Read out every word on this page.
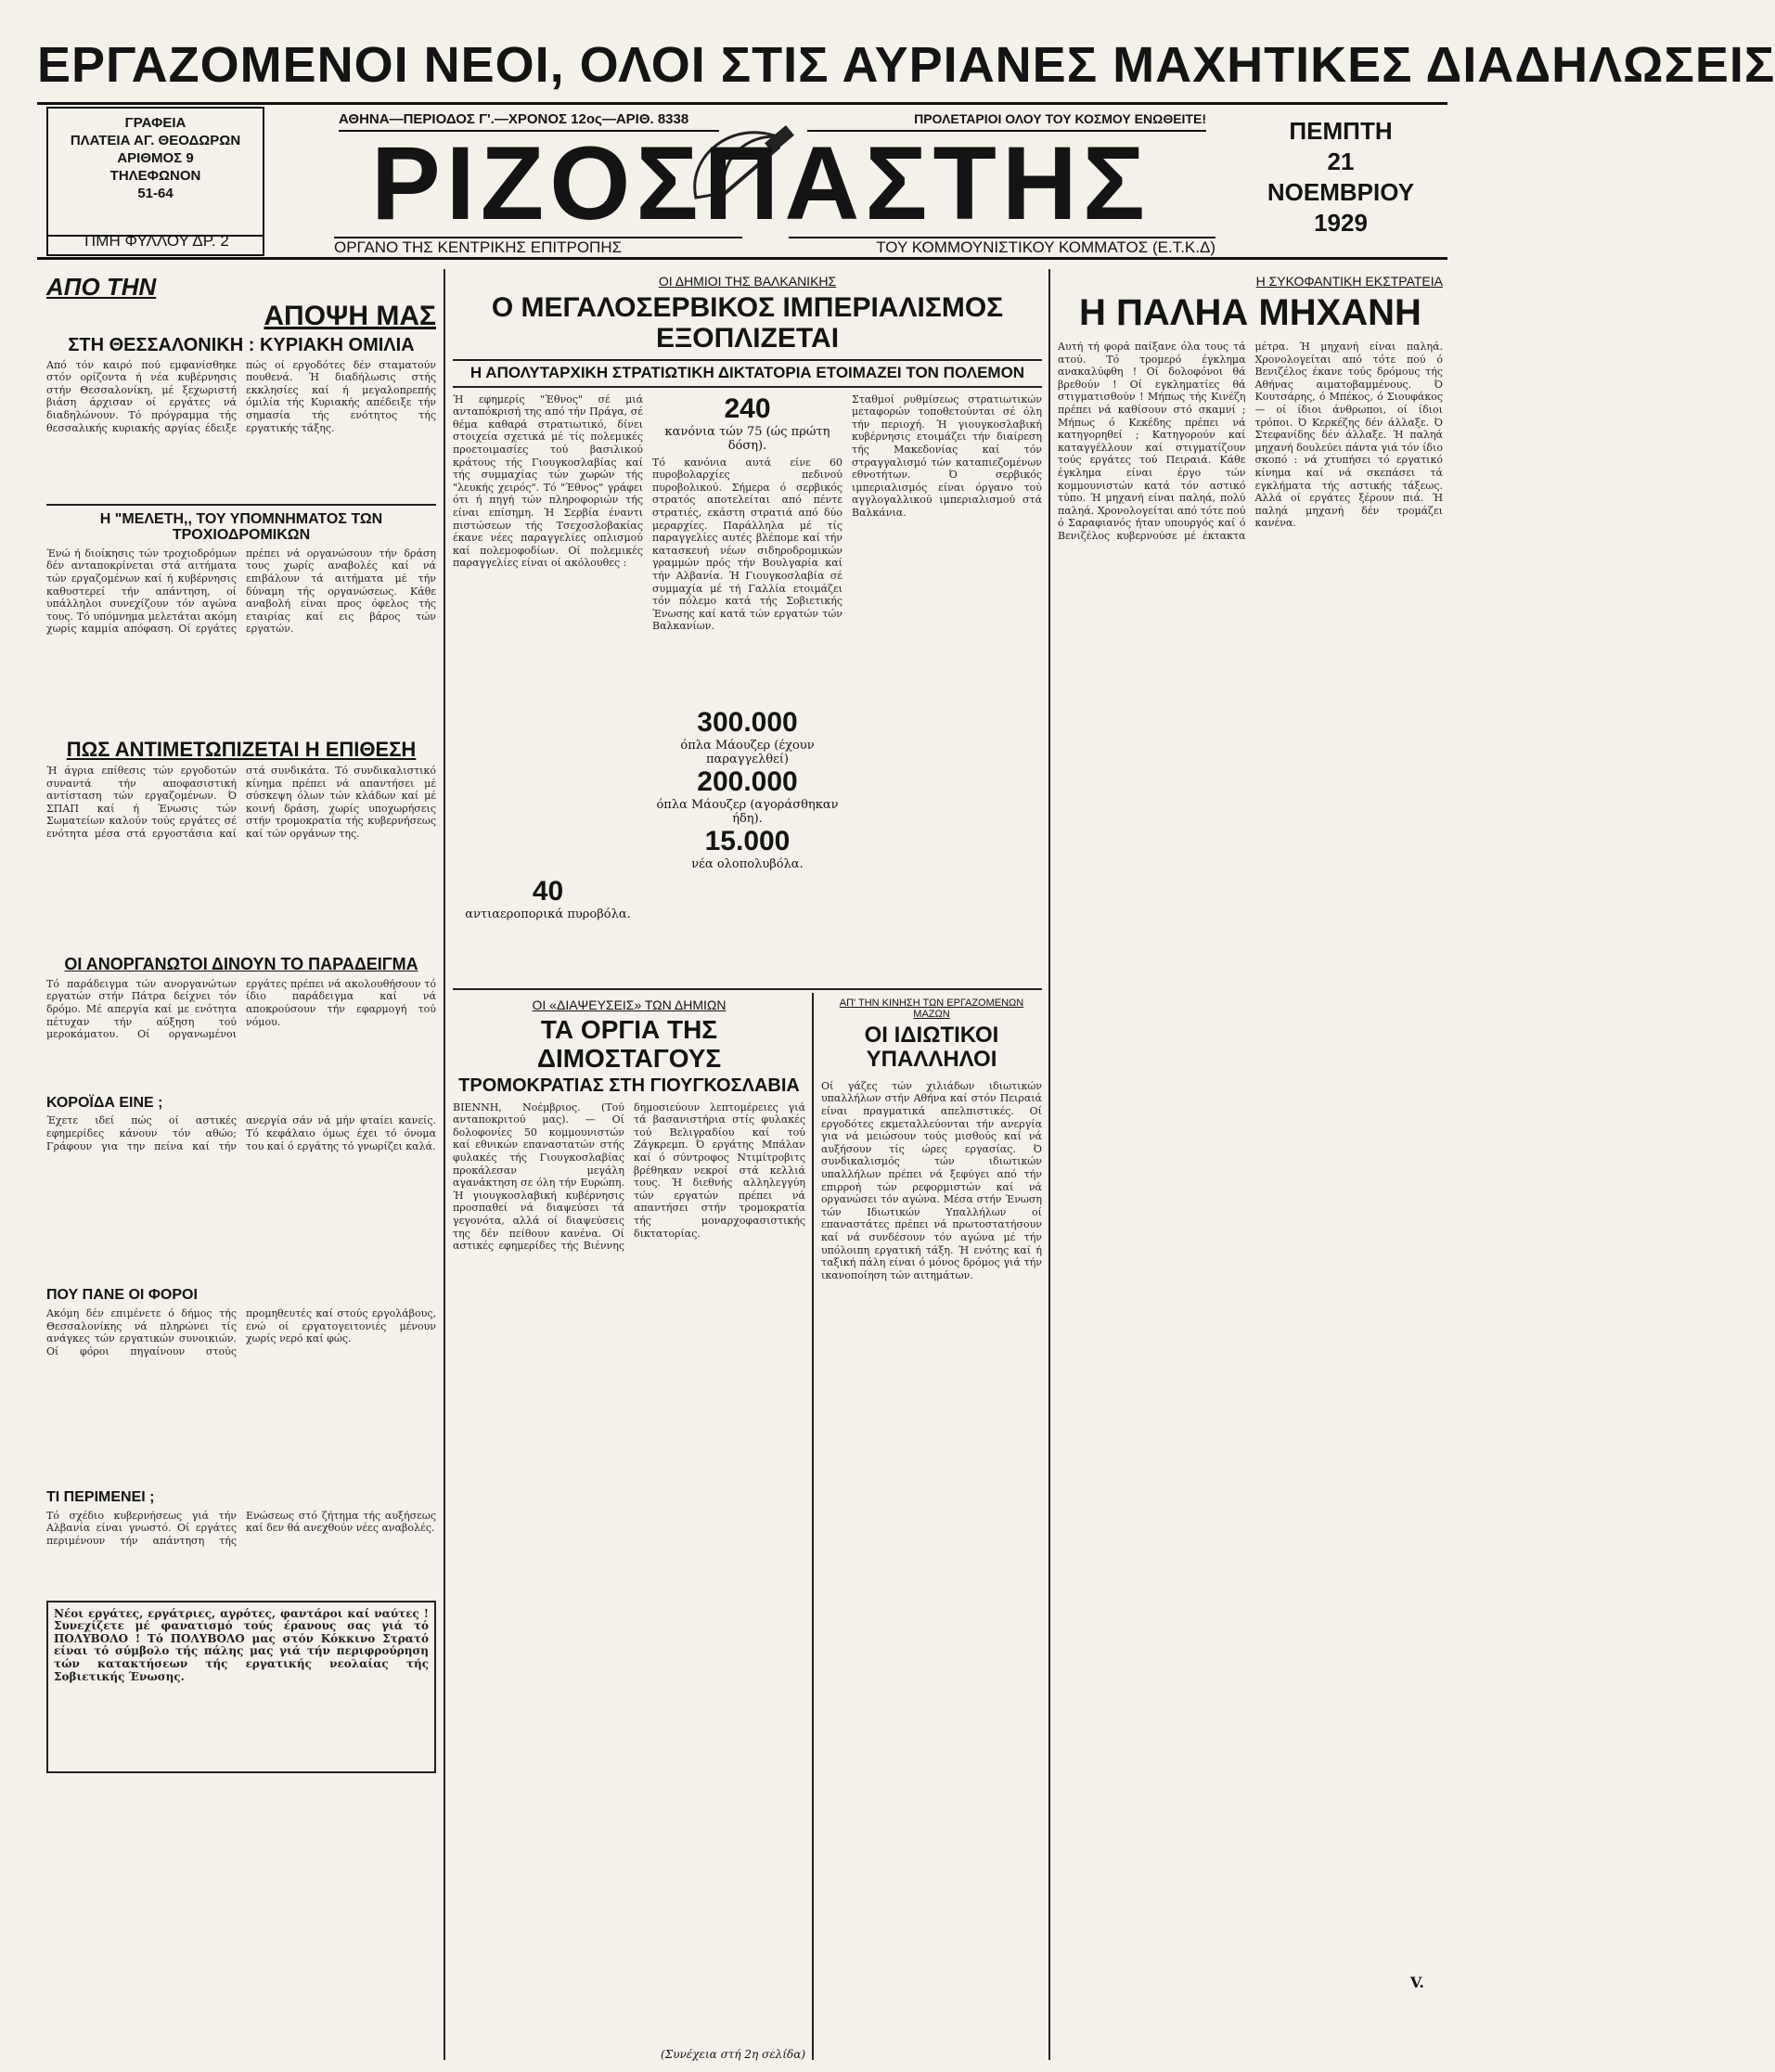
ΕΡΓΑΖΟΜΕΝΟΙ ΝΕΟΙ, ΟΛΟΙ ΣΤΙΣ ΑΥΡΙΑΝΕΣ ΜΑΧΗΤΙΚΕΣ ΔΙΑΔΗΛΩΣΕΙΣ
ΓΡΑΦΕΙΑ
ΠΛΑΤΕΙΑ ΑΓ. ΘΕΟΔΩΡΩΝ
ΑΡΙΘΜΟΣ 9
ΤΗΛΕΦΩΝΟΝ
51-64
ΤΙΜΗ ΦΥΛΛΟΥ ΔΡ. 2
ΑΘΗΝΑ—ΠΕΡΙΟΔΟΣ Γ'.—ΧΡΟΝΟΣ 12ος—ΑΡΙΘ. 8338	ΠΡΟΛΕΤΑΡΙΟΙ ΟΛΟΥ ΤΟΥ ΚΟΣΜΟΥ ΕΝΩΘΕΙΤΕ!
ΡΙΖΟΣΠΑΣΤΗΣ
ΟΡΓΑΝΟ ΤΗΣ ΚΕΝΤΡΙΚΗΣ ΕΠΙΤΡΟΠΗΣ	ΤΟΥ ΚΟΜΜΟΥΝΙΣΤΙΚΟΥ ΚΟΜΜΑΤΟΣ (Ε.Τ.Κ.Δ)
ΠΕΜΠΤΗ
21
ΝΟΕΜΒΡΙΟΥ
1929
ΑΠΟ ΤΗΝ
ΑΠΟΨΗ ΜΑΣ
ΣΤΗ ΘΕΣΣΑΛΟΝΙΚΗ : ΚΥΡΙΑΚΗ ΟΜΙΛΙΑ
Από τόν καιρό πού εμφανίσθηκε στόν ορίζοντα ή νέα κυβέρνησις στήν Θεσσαλονίκη, μέ ξεχωριστή βιάση άρχισαν οί εργάτες νά διαδηλώνουν. Τό πρόγραμμα τής θεσσαλικής κυριακής αργίας έδειξε πώς οί εργοδότες δέν σταματούν πουθενά. Ή διαδήλωσις στής εκκλησίες καί ή μεγαλοπρεπής όμιλία τής Κυριακής απέδειξε τήν σημασία τής ενότητος τής εργατικής τάξης.
Η "ΜΕΛΕΤΗ,, ΤΟΥ ΥΠΟΜΝΗΜΑΤΟΣ ΤΩΝ ΤΡΟΧΙΟΔΡΟΜΙΚΩΝ
Ένώ ή διοίκησις τών τροχιοδρόμων δέν ανταποκρίνεται στά αιτήματα τών εργαζομένων καί ή κυβέρνησις καθυστερεί τήν απάντηση, οί υπάλληλοι συνεχίζουν τόν αγώνα τους. Τό υπόμνημα μελετάται ακόμη χωρίς καμμία απόφαση. Οί εργάτες πρέπει νά οργανώσουν τήν δράση τους χωρίς αναβολές καί νά επιβάλουν τά αιτήματα μέ τήν δύναμη τής οργανώσεως. Κάθε αναβολή είναι προς όφελος τής εταιρίας καί εις βάρος τών εργατών.
ΠΩΣ ΑΝΤΙΜΕΤΩΠΙΖΕΤΑΙ Η ΕΠΙΘΕΣΗ
Ή άγρια επίθεσις τών εργοδοτών συναντά τήν αποφασιστική αντίσταση τών εργαζομένων. Ό ΣΠΑΠ καί ή Ένωσις τών Σωματείων καλούν τούς εργάτες σέ ενότητα μέσα στά εργοστάσια καί στά συνδικάτα. Τό συνδικαλιστικό κίνημα πρέπει νά απαντήσει μέ σύσκεψη όλων τών κλάδων καί μέ κοινή δράση, χωρίς υποχωρήσεις στήν τρομοκρατία τής κυβερνήσεως καί τών οργάνων της.
ΟΙ ΑΝΟΡΓΑΝΩΤΟΙ ΔΙΝΟΥΝ ΤΟ ΠΑΡΑΔΕΙΓΜΑ
Τό παράδειγμα τών ανοργανώτων εργατών στήν Πάτρα δείχνει τόν δρόμο. Μέ απεργία καί με ενότητα πέτυχαν τήν αύξηση τού μεροκάματου. Οί οργανωμένοι εργάτες πρέπει νά ακολουθήσουν τό ίδιο παράδειγμα καί νά αποκρούσουν τήν εφαρμογή τού νόμου.
ΚΟΡΟΪΔΑ ΕΙΝΕ ;
Έχετε ιδεί πώς οί αστικές εφημερίδες κάνουν τόν αθώο; Γράφουν για την πείνα καί τήν ανεργία σάν νά μήν φταίει κανείς. Τό κεφάλαιο όμως έχει τό όνομα του καί ό εργάτης τό γνωρίζει καλά.
ΠΟΥ ΠΑΝΕ ΟΙ ΦΟΡΟΙ
Ακόμη δέν επιμένετε ό δήμος τής Θεσσαλονίκης νά πληρώνει τίς ανάγκες τών εργατικών συνοικιών. Οί φόροι πηγαίνουν στούς προμηθευτές καί στούς εργολάβους, ενώ οί εργατογειτονιές μένουν χωρίς νερό καί φώς.
ΤΙ ΠΕΡΙΜΕΝΕΙ ;
Τό σχέδιο κυβερνήσεως γιά τήν Αλβανία είναι γνωστό. Οί εργάτες περιμένουν τήν απάντηση τής Ενώσεως στό ζήτημα τής αυξήσεως καί δεν θά ανεχθούν νέες αναβολές.
Νέοι εργάτες, εργάτριες, αγρότες, φαντάροι καί ναύτες ! Συνεχίζετε μέ φανατισμό τούς έρανους σας γιά τό ΠΟΛΥΒΟΛΟ ! Τό ΠΟΛΥΒΟΛΟ μας στόν Κόκκινο Στρατό είναι τό σύμβολο τής πάλης μας γιά τήν περιφρούρηση τών κατακτήσεων τής εργατικής νεολαίας τής Σοβιετικής Ένωσης.
ΟΙ ΔΗΜΙΟΙ ΤΗΣ ΒΑΛΚΑΝΙΚΗΣ
Ο ΜΕΓΑΛΟΣΕΡΒΙΚΟΣ ΙΜΠΕΡΙΑΛΙΣΜΟΣ ΕΞΟΠΛΙΖΕΤΑΙ
Η ΑΠΟΛΥΤΑΡΧΙΚΗ ΣΤΡΑΤΙΩΤΙΚΗ ΔΙΚΤΑΤΟΡΙΑ ΕΤΟΙΜΑΖΕΙ ΤΟΝ ΠΟΛΕΜΟΝ
Ή εφημερίς "Έθνος" σέ μιά ανταπόκρισή της από τήν Πράγα, σέ θέμα καθαρά στρατιωτικό, δίνει στοιχεία σχετικά μέ τίς πολεμικές προετοιμασίες τού βασιλικού κράτους τής Γιουγκοσλαβίας καί τής συμμαχίας τών χωρών τής "λευκής χειρός". Τό "Έθνος" γράφει ότι ή πηγή τών πληροφοριών τής είναι επίσημη. Ή Σερβία έναντι πιστώσεων τής Τσεχοσλοβακίας έκανε νέες παραγγελίες οπλισμού καί πολεμοφοδίων. Οί πολεμικές παραγγελίες είναι οί ακόλουθες :
40
αντιαεροπορικά πυροβόλα.
240
κανόνια τών 75 (ώς πρώτη δόση).
Τό κανόνια αυτά είνε 60 πυροβολαρχίες πεδινού πυροβολικού. Σήμερα ό σερβικός στρατός αποτελείται από πέντε στρατιές, εκάστη στρατιά από δύο μεραρχίες. Παράλληλα μέ τίς παραγγελίες αυτές βλέπομε καί τήν κατασκευή νέων σιδηροδρομικών γραμμών πρός τήν Βουλγαρία καί τήν Αλβανία. Ή Γιουγκοσλαβία σέ συμμαχία μέ τή Γαλλία ετοιμάζει τόν πόλεμο κατά τής Σοβιετικής Ένωσης καί κατά τών εργατών τών Βαλκανίων.
300.000
όπλα Μάουζερ (έχουν παραγγελθεί)
200.000
όπλα Μάουζερ (αγοράσθηκαν ήδη).
15.000
νέα ολοπολυβόλα.
Σταθμοί ρυθμίσεως στρατιωτικών μεταφορών τοποθετούνται σέ όλη τήν περιοχή. Ή γιουγκοσλαβική κυβέρνησις ετοιμάζει τήν διαίρεση τής Μακεδονίας καί τόν στραγγαλισμό τών καταπιεζομένων εθνοτήτων. Ό σερβικός ιμπεριαλισμός είναι όργανο τού αγγλογαλλικού ιμπεριαλισμού στά Βαλκάνια.
ΟΙ «ΔΙΑΨΕΥΣΕΙΣ» ΤΩΝ ΔΗΜΙΩΝ
ΤΑ ΟΡΓΙΑ ΤΗΣ ΔΙΜΟΣΤΑΓΟΥΣ
ΤΡΟΜΟΚΡΑΤΙΑΣ ΣΤΗ ΓΙΟΥΓΚΟΣΛΑΒΙΑ
ΒΙΕΝΝΗ, Νοέμβριος. (Τού ανταποκριτού μας). — Οί δολοφονίες 50 κομμουνιστών καί εθνικών επαναστατών στής φυλακές τής Γιουγκοσλαβίας προκάλεσαν μεγάλη αγανάκτηση σε όλη τήν Ευρώπη. Ή γιουγκοσλαβική κυβέρνησις προσπαθεί νά διαψεύσει τά γεγονότα, αλλά οί διαψεύσεις της δέν πείθουν κανένα. Οί αστικές εφημερίδες τής Βιέννης δημοσιεύουν λεπτομέρειες γιά τά βασανιστήρια στίς φυλακές τού Βελιγραδίου καί τού Ζάγκρεμπ. Ό εργάτης Μπάλαν καί ό σύντροφος Ντιμίτροβιτς βρέθηκαν νεκροί στά κελλιά τους. Ή διεθνής αλληλεγγύη τών εργατών πρέπει νά απαντήσει στήν τρομοκρατία τής μοναρχοφασιστικής δικτατορίας.
(Συνέχεια στή 2η σελίδα)
ΑΠ' ΤΗΝ ΚΙΝΗΣΗ ΤΩΝ ΕΡΓΑΖΟΜΕΝΩΝ ΜΑΖΩΝ
ΟΙ ΙΔΙΩΤΙΚΟΙ ΥΠΑΛΛΗΛΟΙ
Οί γάζες τών χιλιάδων ιδιωτικών υπαλλήλων στήν Αθήνα καί στόν Πειραιά είναι πραγματικά απελπιστικές. Οί εργοδότες εκμεταλλεύονται τήν ανεργία για νά μειώσουν τούς μισθούς καί νά αυξήσουν τίς ώρες εργασίας. Ό συνδικαλισμός τών ιδιωτικών υπαλλήλων πρέπει νά ξεφύγει από τήν επιρροή τών ρεφορμιστών καί νά οργανώσει τόν αγώνα. Μέσα στήν Ένωση τών Ιδιωτικών Υπαλλήλων οί επαναστάτες πρέπει νά πρωτοστατήσουν καί νά συνδέσουν τόν αγώνα μέ τήν υπόλοιπη εργατική τάξη. Ή ενότης καί ή ταξική πάλη είναι ό μόνος δρόμος γιά τήν ικανοποίηση τών αιτημάτων.
Η ΣΥΚΟΦΑΝΤΙΚΗ ΕΚΣΤΡΑΤΕΙΑ
Η ΠΑΛΗΑ ΜΗΧΑΝΗ
Αυτή τή φορά παίξανε όλα τους τά ατού. Τό τρομερό έγκλημα ανακαλύφθη ! Οί δολοφόνοι θά βρεθούν ! Οί εγκληματίες θά στιγματισθούν ! Μήπως τής Κινέζη πρέπει νά καθίσουν στό σκαμνί ; Μήπως ό Κεκέδης πρέπει νά κατηγορηθεί ; Κατηγορούν καί καταγγέλλουν καί στιγματίζουν τούς εργάτες τού Πειραιά. Κάθε έγκλημα είναι έργο τών κομμουνιστών κατά τόν αστικό τύπο. Ή μηχανή είναι παληά, πολύ παληά. Χρονολογείται από τότε πού ό Σαραφιανός ήταν υπουργός καί ό Βενιζέλος κυβερνούσε μέ έκτακτα μέτρα. Ή μηχανή είναι παληά. Χρονολογείται από τότε πού ό Βενιζέλος έκανε τούς δρόμους τής Αθήνας αιματοβαμμένους. Ό Κουτσάρης, ό Μπέκος, ό Σιουφάκος — οί ίδιοι άνθρωποι, οί ίδιοι τρόποι. Ό Κερκέζης δέν άλλαξε. Ό Στεφανίδης δέν άλλαξε. Ή παληά μηχανή δουλεύει πάντα γιά τόν ίδιο σκοπό : νά χτυπήσει τό εργατικό κίνημα καί νά σκεπάσει τά εγκλήματα τής αστικής τάξεως. Αλλά οί εργάτες ξέρουν πιά. Ή παληά μηχανή δέν τρομάζει κανένα.
V.
